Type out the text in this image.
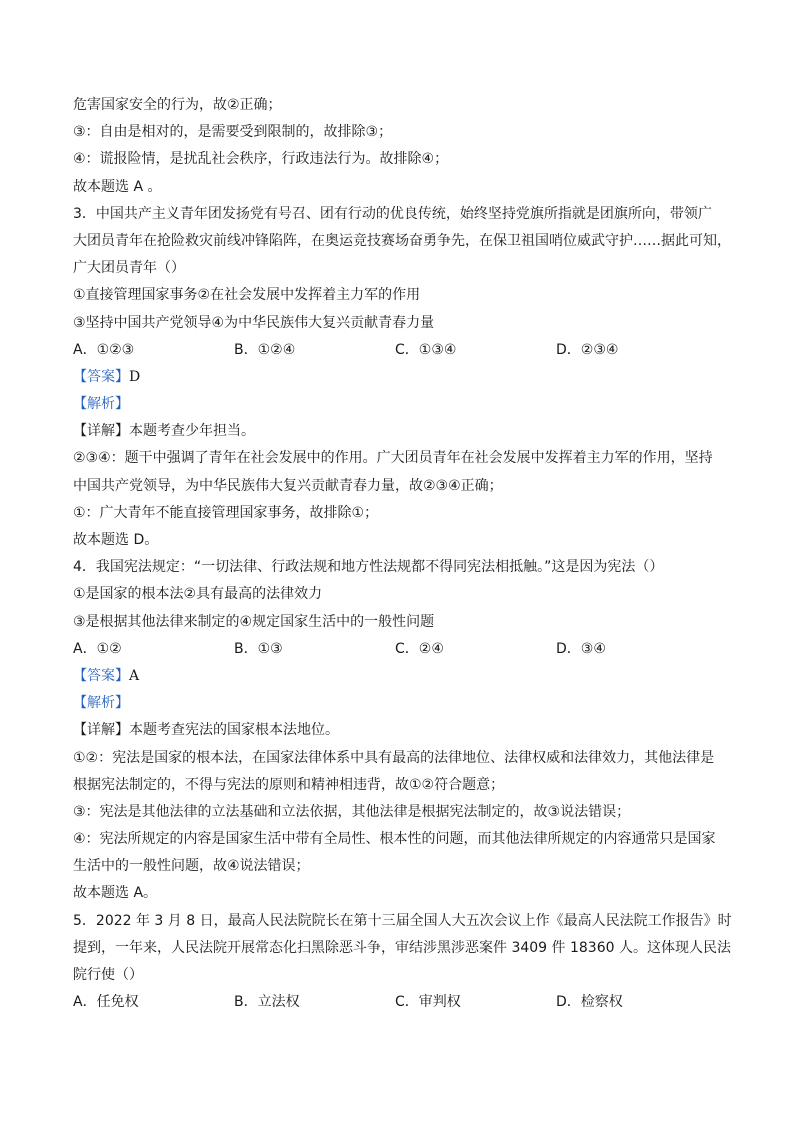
危害国家安全的行为，故②正确；
③：自由是相对的，是需要受到限制的，故排除③；
④：谎报险情，是扰乱社会秩序，行政违法行为。故排除④；
故本题选 A 。
3．中国共产主义青年团发扬党有号召、团有行动的优良传统，始终坚持党旗所指就是团旗所向，带领广
大团员青年在抢险救灾前线冲锋陷阵，在奥运竞技赛场奋勇争先，在保卫祖国哨位威武守护……据此可知，
广大团员青年（）
①直接管理国家事务②在社会发展中发挥着主力军的作用
③坚持中国共产党领导④为中华民族伟大复兴贡献青春力量
A．①②③	B．①②④	C．①③④	D．②③④
【答案】D
【解析】
【详解】本题考查少年担当。
②③④：题干中强调了青年在社会发展中的作用。广大团员青年在社会发展中发挥着主力军的作用，坚持
中国共产党领导，为中华民族伟大复兴贡献青春力量，故②③④正确；
①：广大青年不能直接管理国家事务，故排除①；
故本题选 D。
4．我国宪法规定：“一切法律、行政法规和地方性法规都不得同宪法相抵触。”这是因为宪法（）
①是国家的根本法②具有最高的法律效力
③是根据其他法律来制定的④规定国家生活中的一般性问题
A．①②	B．①③	C．②④	D．③④
【答案】A
【解析】
【详解】本题考查宪法的国家根本法地位。
①②：宪法是国家的根本法，在国家法律体系中具有最高的法律地位、法律权威和法律效力，其他法律是
根据宪法制定的，不得与宪法的原则和精神相违背，故①②符合题意；
③：宪法是其他法律的立法基础和立法依据，其他法律是根据宪法制定的，故③说法错误；
④：宪法所规定的内容是国家生活中带有全局性、根本性的问题，而其他法律所规定的内容通常只是国家
生活中的一般性问题，故④说法错误；
故本题选 A。
5．2022 年 3 月 8 日，最高人民法院院长在第十三届全国人大五次会议上作《最高人民法院工作报告》时
提到，一年来，人民法院开展常态化扫黑除恶斗争，审结涉黑涉恶案件 3409 件 18360 人。这体现人民法
院行使（）
A．任免权	B．立法权	C．审判权	D．检察权
